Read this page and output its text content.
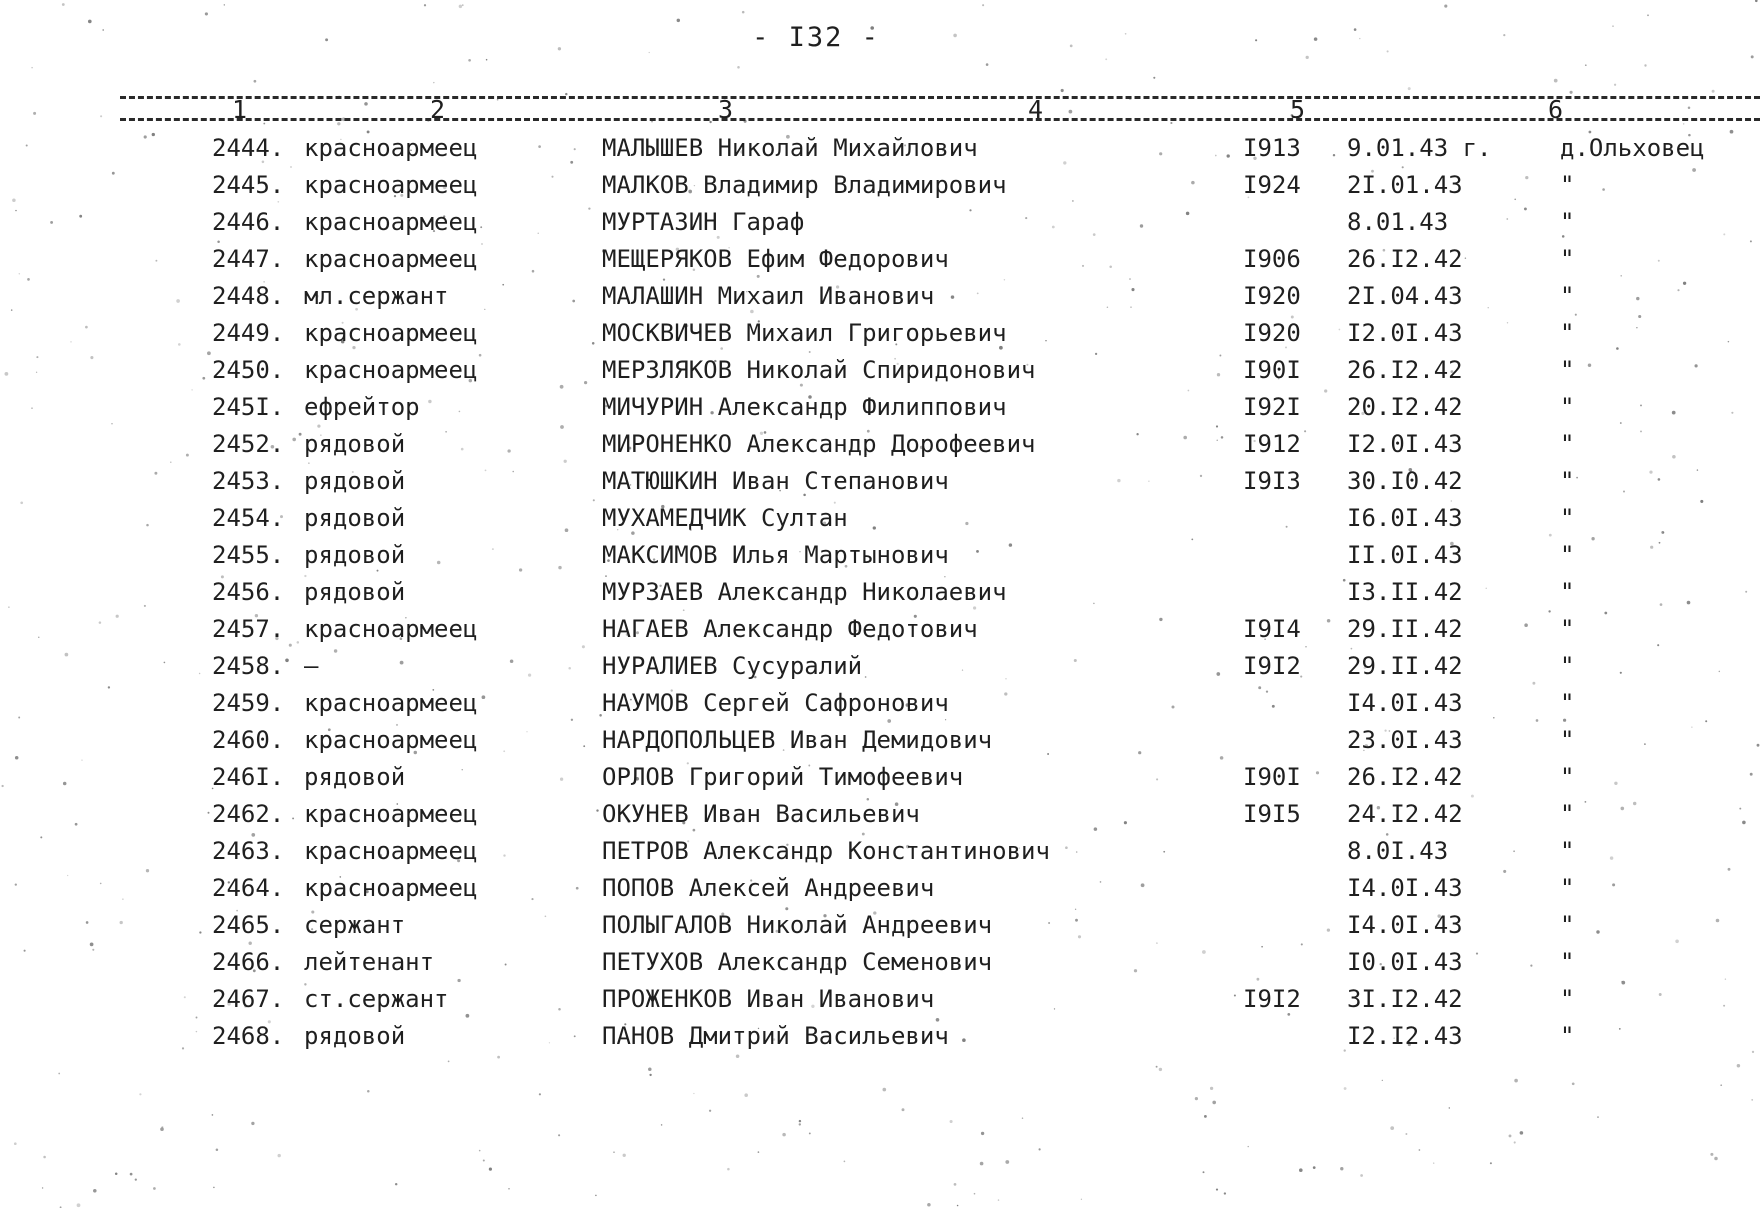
- I32 -
1	2	3	4	5	6
2444. красноармеец	МАЛЫШЕВ Николай Михайлович	I913 9.01.43 г.	д.Ольховец
2445. красноармеец	МАЛКОВ Владимир Владимирович	I924 2I.01.43	"
2446. красноармеец	МУРТАЗИН Гараф	8.01.43	"
2447. красноармеец	МЕЩЕРЯКОВ Ефим Федорович	I906 26.I2.42	"
2448. мл.сержант	МАЛАШИН Михаил Иванович	I920 2I.04.43	"
2449. красноармеец	МОСКВИЧЕВ Михаил Григорьевич	I920 I2.0I.43	"
2450. красноармеец	МЕРЗЛЯКОВ Николай Спиридонович	I90I 26.I2.42	"
245I. ефрейтор	МИЧУРИН Александр Филиппович	I92I 20.I2.42	"
2452. рядовой	МИРОНЕНКО Александр Дорофеевич	I912 I2.0I.43	"
2453. рядовой	МАТЮШКИН Иван Степанович	I9I3 30.I0.42	"
2454. рядовой	МУХАМЕДЧИК Султан	I6.0I.43	"
2455. рядовой	МАКСИМОВ Илья Мартынович	II.0I.43	"
2456. рядовой	МУРЗАЕВ Александр Николаевич	I3.II.42	"
2457. красноармеец	НАГАЕВ Александр Федотович	I9I4 29.II.42	"
2458. –	НУРАЛИЕВ Сусуралий	I9I2 29.II.42	"
2459. красноармеец	НАУМОВ Сергей Сафронович	I4.0I.43	"
2460. красноармеец	НАРДОПОЛЬЦЕВ Иван Демидович	23.0I.43	"
246I. рядовой	ОРЛОВ Григорий Тимофеевич	I90I 26.I2.42	"
2462. красноармеец	ОКУНЕВ Иван Васильевич	I9I5 24.I2.42	"
2463. красноармеец	ПЕТРОВ Александр Константинович	8.0I.43	"
2464. красноармеец	ПОПОВ Алексей Андреевич	I4.0I.43	"
2465. сержант	ПОЛЫГАЛОВ Николай Андреевич	I4.0I.43	"
2466. лейтенант	ПЕТУХОВ Александр Семенович	I0.0I.43	"
2467. ст.сержант	ПРОЖЕНКОВ Иван Иванович	I9I2 3I.I2.42	"
2468. рядовой	ПАНОВ Дмитрий Васильевич	I2.I2.43	"
